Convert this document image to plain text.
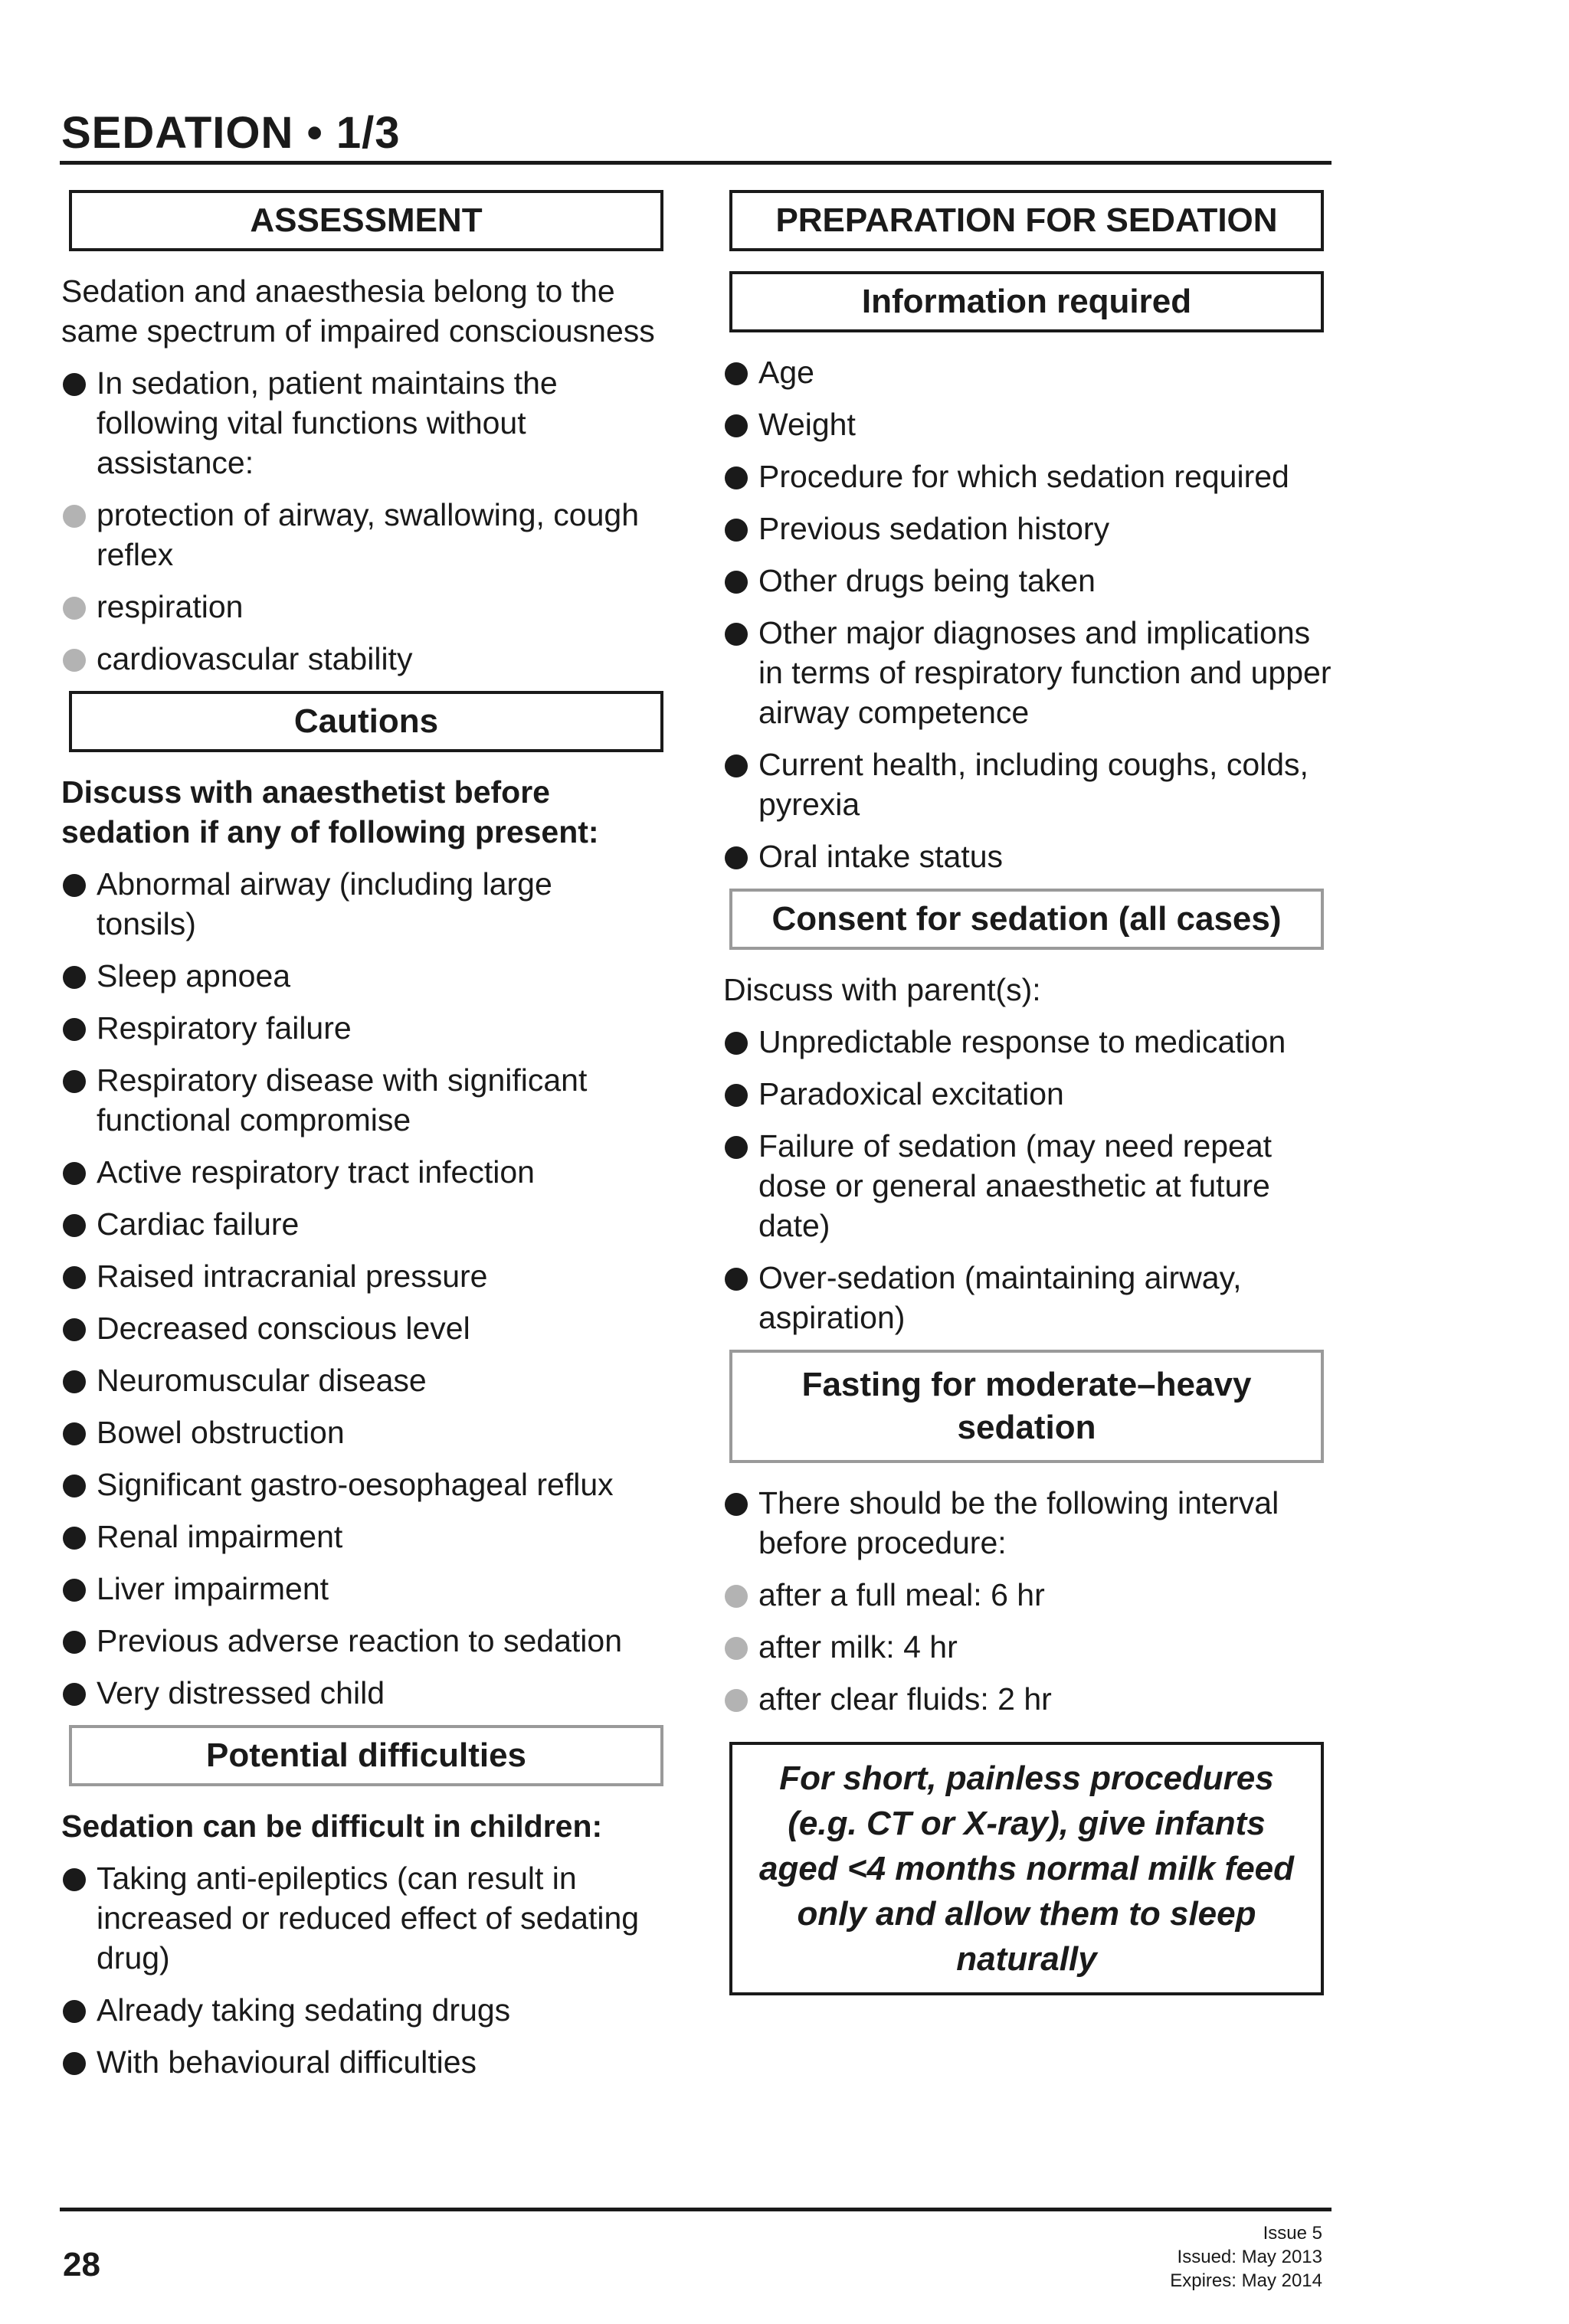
SEDATION • 1/3
ASSESSMENT

Sedation and anaesthesia belong to the same spectrum of impaired consciousness

In sedation, patient maintains the following vital functions without assistance:
protection of airway, swallowing, cough reflex
respiration
cardiovascular stability
Cautions

Discuss with anaesthetist before sedation if any of following present:

Abnormal airway (including large tonsils)
Sleep apnoea
Respiratory failure
Respiratory disease with significant functional compromise
Active respiratory tract infection
Cardiac failure
Raised intracranial pressure
Decreased conscious level
Neuromuscular disease
Bowel obstruction
Significant gastro-oesophageal reflux
Renal impairment
Liver impairment
Previous adverse reaction to sedation
Very distressed child
Potential difficulties

Sedation can be difficult in children:

Taking anti-epileptics (can result in increased or reduced effect of sedating drug)
Already taking sedating drugs
With behavioural difficulties
PREPARATION FOR SEDATION
Information required
Age
Weight
Procedure for which sedation required
Previous sedation history
Other drugs being taken
Other major diagnoses and implications in terms of respiratory function and upper airway competence
Current health, including coughs, colds, pyrexia
Oral intake status
Consent for sedation (all cases)

Discuss with parent(s):

Unpredictable response to medication
Paradoxical excitation
Failure of sedation (may need repeat dose or general anaesthetic at future date)
Over-sedation (maintaining airway, aspiration)
Fasting for moderate–heavy sedation
There should be the following interval before procedure:
after a full meal: 6 hr
after milk: 4 hr
after clear fluids: 2 hr
For short, painless procedures (e.g. CT or X-ray), give infants aged <4 months normal milk feed only and allow them to sleep naturally
28
Issue 5
Issued: May 2013
Expires: May 2014
